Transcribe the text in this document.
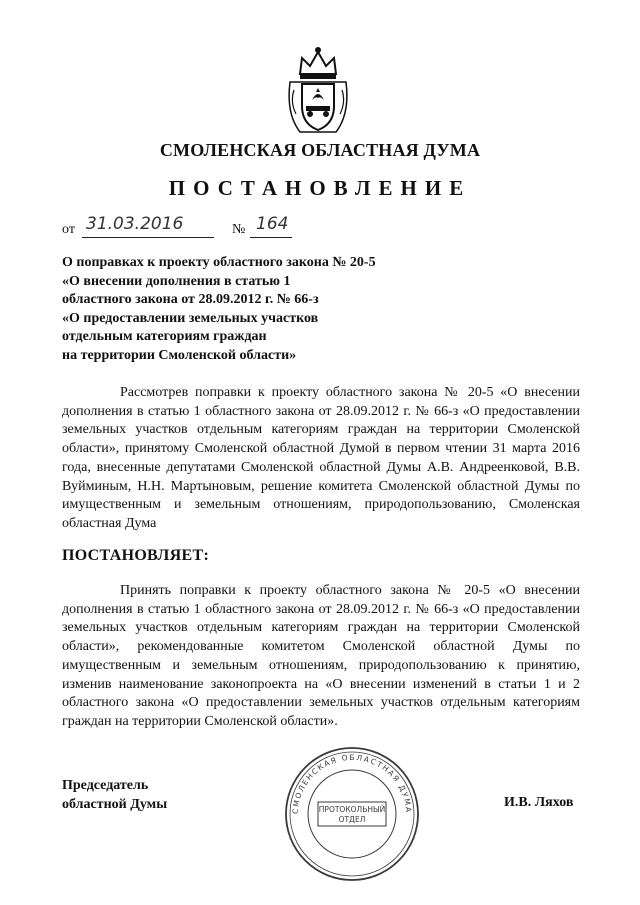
СМОЛЕНСКАЯ ОБЛАСТНАЯ ДУМА
ПОСТАНОВЛЕНИЕ
от 31.03.2016	№ 164
О поправках к проекту областного закона № 20-5
«О внесении дополнения в статью 1
областного закона от 28.09.2012 г. № 66-з
«О предоставлении земельных участков
отдельным категориям граждан
на территории Смоленской области»
Рассмотрев поправки к проекту областного закона № 20-5 «О внесении дополнения в статью 1 областного закона от 28.09.2012 г. № 66-з «О предоставлении земельных участков отдельным категориям граждан на территории Смоленской области», принятому Смоленской областной Думой в первом чтении 31 марта 2016 года, внесенные депутатами Смоленской областной Думы А.В. Андреенковой, В.В. Вуйминым, Н.Н. Мартыновым, решение комитета Смоленской областной Думы по имущественным и земельным отношениям, природопользованию, Смоленская областная Дума
ПОСТАНОВЛЯЕТ:
Принять поправки к проекту областного закона № 20-5 «О внесении дополнения в статью 1 областного закона от 28.09.2012 г. № 66-з «О предоставлении земельных участков отдельным категориям граждан на территории Смоленской области», рекомендованные комитетом Смоленской областной Думы по имущественным и земельным отношениям, природопользованию к принятию, изменив наименование законопроекта на «О внесении изменений в статьи 1 и 2 областного закона «О предоставлении земельных участков отдельным категориям граждан на территории Смоленской области».
Председатель
областной Думы	И.В. Ляхов
СМОЛЕНСКАЯ ОБЛАСТНАЯ ДУМА
ПРОТОКОЛЬНЫЙ
ОТДЕЛ
